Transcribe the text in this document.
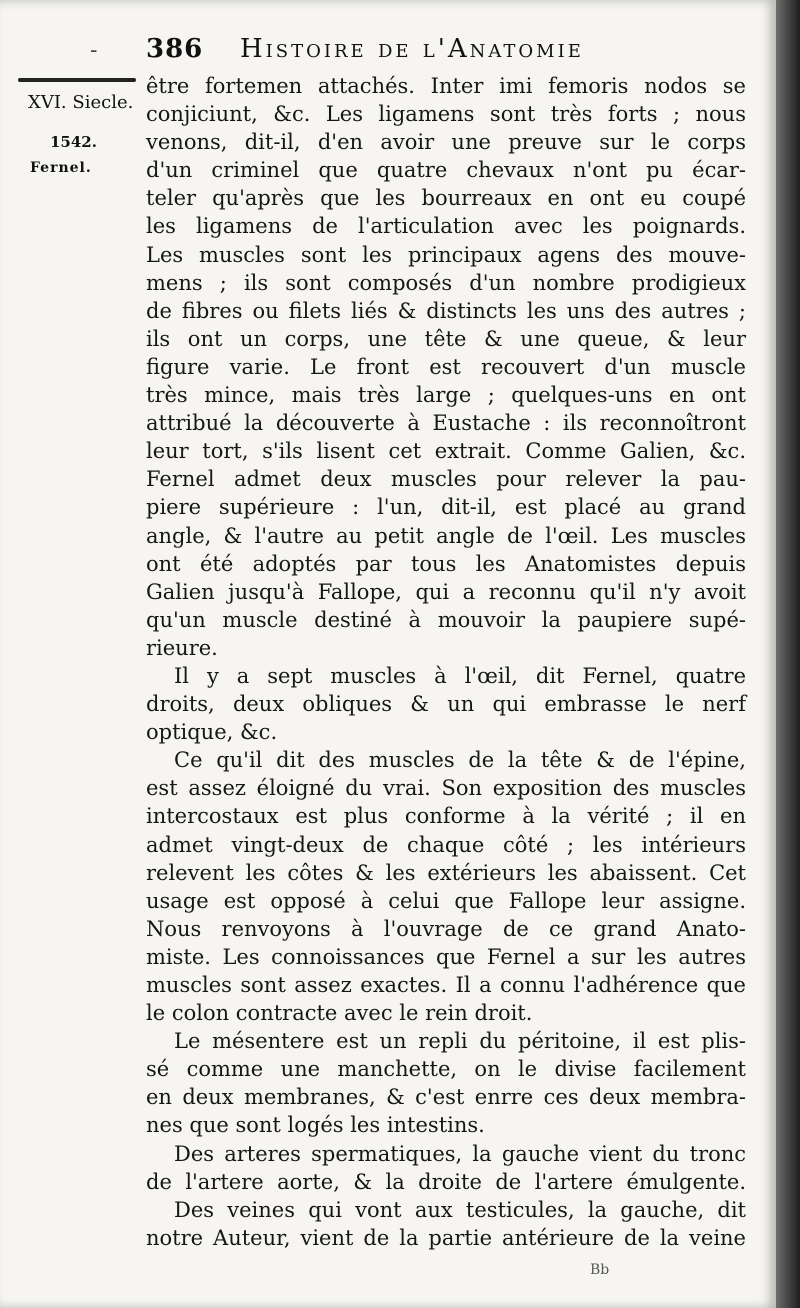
- 386 Histoire de l'Anatomie
XVI. Siecle.
1542.
Fernel.
être fortemen attachés. Inter imi femoris nodos se
conjiciunt, &c. Les ligamens sont très forts ; nous
venons, dit-il, d'en avoir une preuve sur le corps
d'un criminel que quatre chevaux n'ont pu écar-
teler qu'après que les bourreaux en ont eu coupé
les ligamens de l'articulation avec les poignards.
Les muscles sont les principaux agens des mouve-
mens ; ils sont composés d'un nombre prodigieux
de fibres ou filets liés & distincts les uns des autres ;
ils ont un corps, une tête & une queue, & leur
figure varie. Le front est recouvert d'un muscle
très mince, mais très large ; quelques-uns en ont
attribué la découverte à Eustache : ils reconnoîtront
leur tort, s'ils lisent cet extrait. Comme Galien, &c.
Fernel admet deux muscles pour relever la pau-
piere supérieure : l'un, dit-il, est placé au grand
angle, & l'autre au petit angle de l'œil. Les muscles
ont été adoptés par tous les Anatomistes depuis
Galien jusqu'à Fallope, qui a reconnu qu'il n'y avoit
qu'un muscle destiné à mouvoir la paupiere supé-
rieure.
Il y a sept muscles à l'œil, dit Fernel, quatre
droits, deux obliques & un qui embrasse le nerf
optique, &c.
Ce qu'il dit des muscles de la tête & de l'épine,
est assez éloigné du vrai. Son exposition des muscles
intercostaux est plus conforme à la vérité ; il en
admet vingt-deux de chaque côté ; les intérieurs
relevent les côtes & les extérieurs les abaissent. Cet
usage est opposé à celui que Fallope leur assigne.
Nous renvoyons à l'ouvrage de ce grand Anato-
miste. Les connoissances que Fernel a sur les autres
muscles sont assez exactes. Il a connu l'adhérence que
le colon contracte avec le rein droit.
Le mésentere est un repli du péritoine, il est plis-
sé comme une manchette, on le divise facilement
en deux membranes, & c'est enrre ces deux membra-
nes que sont logés les intestins.
Des arteres spermatiques, la gauche vient du tronc
de l'artere aorte, & la droite de l'artere émulgente.
Des veines qui vont aux testicules, la gauche, dit
notre Auteur, vient de la partie antérieure de la veine
Bb
